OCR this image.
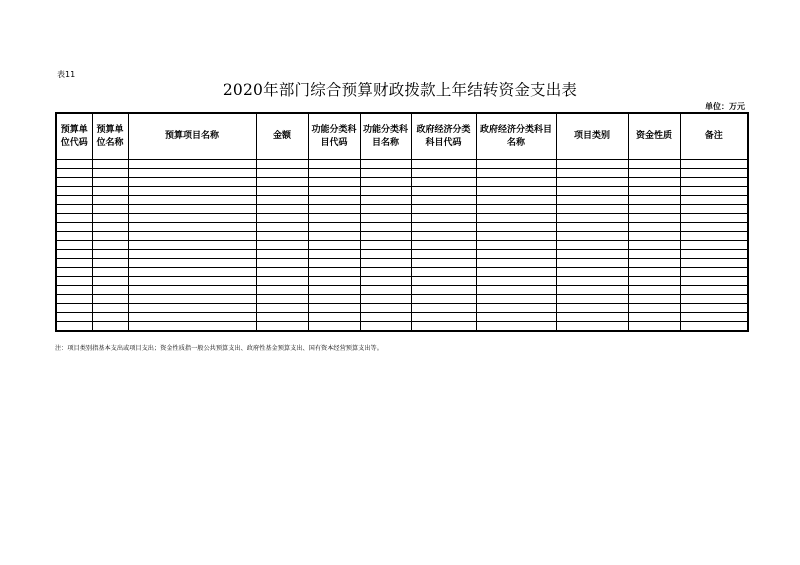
表11
2020年部门综合预算财政拨款上年结转资金支出表
单位：万元
预算单位代码	预算单位名称	预算项目名称	金额	功能分类科目代码	功能分类科目名称	政府经济分类科目代码	政府经济分类科目名称	项目类别	资金性质	备注

注：项目类别指基本支出或项目支出；资金性质指一般公共预算支出、政府性基金预算支出、国有资本经营预算支出等。
